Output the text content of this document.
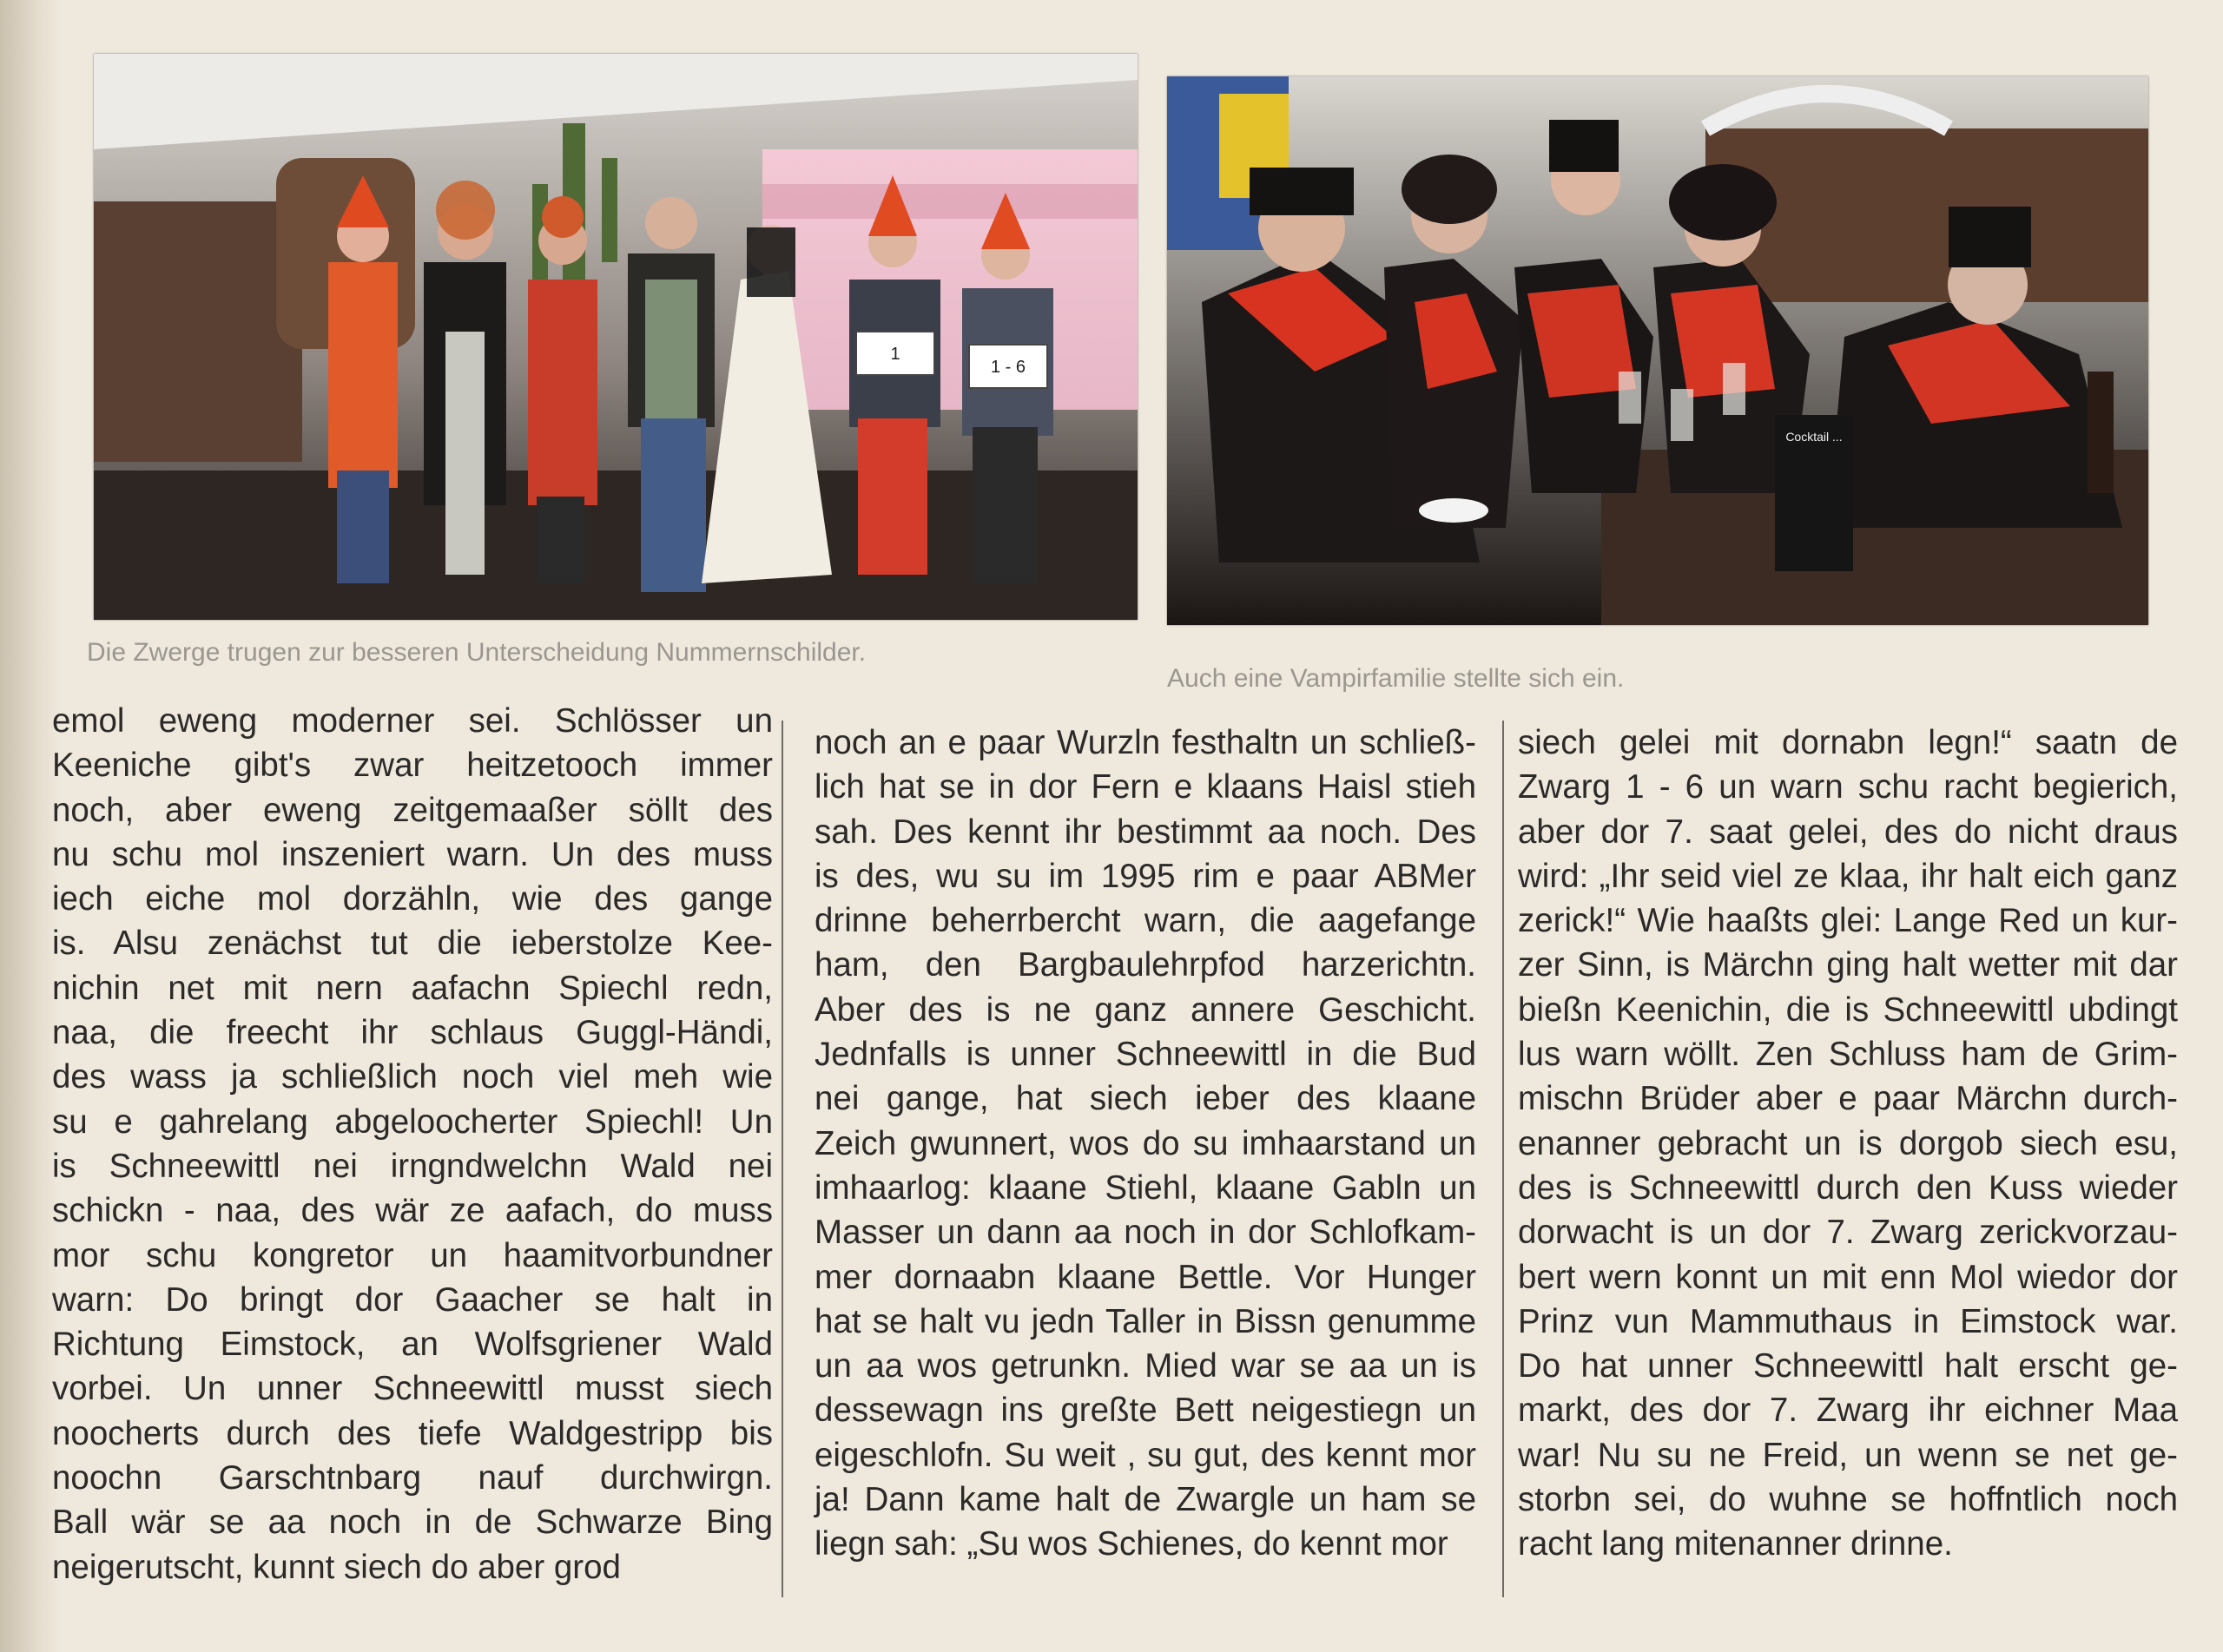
1
1 - 6
Cocktail ...
Die Zwerge trugen zur besseren Unterscheidung Nummernschilder.
Auch eine Vampirfamilie stellte sich ein.
emol eweng moderner sei. Schlösser un
Keeniche gibt's zwar heitzetooch immer
noch, aber eweng zeitgemaaßer söllt des
nu schu mol inszeniert warn. Un des muss
iech eiche mol dorzähln, wie des gange
is. Alsu zenächst tut die ieberstolze Kee-
nichin net mit nern aafachn Spiechl redn,
naa, die freecht ihr schlaus Guggl-Händi,
des wass ja schließlich noch viel meh wie
su e gahrelang abgeloocherter Spiechl! Un
is Schneewittl nei irngndwelchn Wald nei
schickn - naa, des wär ze aafach, do muss
mor schu kongretor un haamitvorbundner
warn: Do bringt dor Gaacher se halt in
Richtung Eimstock, an Wolfsgriener Wald
vorbei. Un unner Schneewittl musst siech
noocherts durch des tiefe Waldgestripp bis
noochn Garschtnbarg nauf durchwirgn.
Ball wär se aa noch in de Schwarze Bing
neigerutscht, kunnt siech do aber grod
noch an e paar Wurzln festhaltn un schließ-
lich hat se in dor Fern e klaans Haisl stieh
sah. Des kennt ihr bestimmt aa noch. Des
is des, wu su im 1995 rim e paar ABMer
drinne beherrbercht warn, die aagefange
ham, den Bargbaulehrpfod harzerichtn.
Aber des is ne ganz annere Geschicht.
Jednfalls is unner Schneewittl in die Bud
nei gange, hat siech ieber des klaane
Zeich gwunnert, wos do su imhaarstand un
imhaarlog: klaane Stiehl, klaane Gabln un
Masser un dann aa noch in dor Schlofkam-
mer dornaabn klaane Bettle. Vor Hunger
hat se halt vu jedn Taller in Bissn genumme
un aa wos getrunkn. Mied war se aa un is
dessewagn ins greßte Bett neigestiegn un
eigeschlofn. Su weit , su gut, des kennt mor
ja! Dann kame halt de Zwargle un ham se
liegn sah: „Su wos Schienes, do kennt mor
siech gelei mit dornabn legn!“ saatn de
Zwarg 1 - 6 un warn schu racht begierich,
aber dor 7. saat gelei, des do nicht draus
wird: „Ihr seid viel ze klaa, ihr halt eich ganz
zerick!“ Wie haaßts glei: Lange Red un kur-
zer Sinn, is Märchn ging halt wetter mit dar
bießn Keenichin, die is Schneewittl ubdingt
lus warn wöllt. Zen Schluss ham de Grim-
mischn Brüder aber e paar Märchn durch-
enanner gebracht un is dorgob siech esu,
des is Schneewittl durch den Kuss wieder
dorwacht is un dor 7. Zwarg zerickvorzau-
bert wern konnt un mit enn Mol wiedor dor
Prinz vun Mammuthaus in Eimstock war.
Do hat unner Schneewittl halt erscht ge-
markt, des dor 7. Zwarg ihr eichner Maa
war! Nu su ne Freid, un wenn se net ge-
storbn sei, do wuhne se hoffntlich noch
racht lang mitenanner drinne.
